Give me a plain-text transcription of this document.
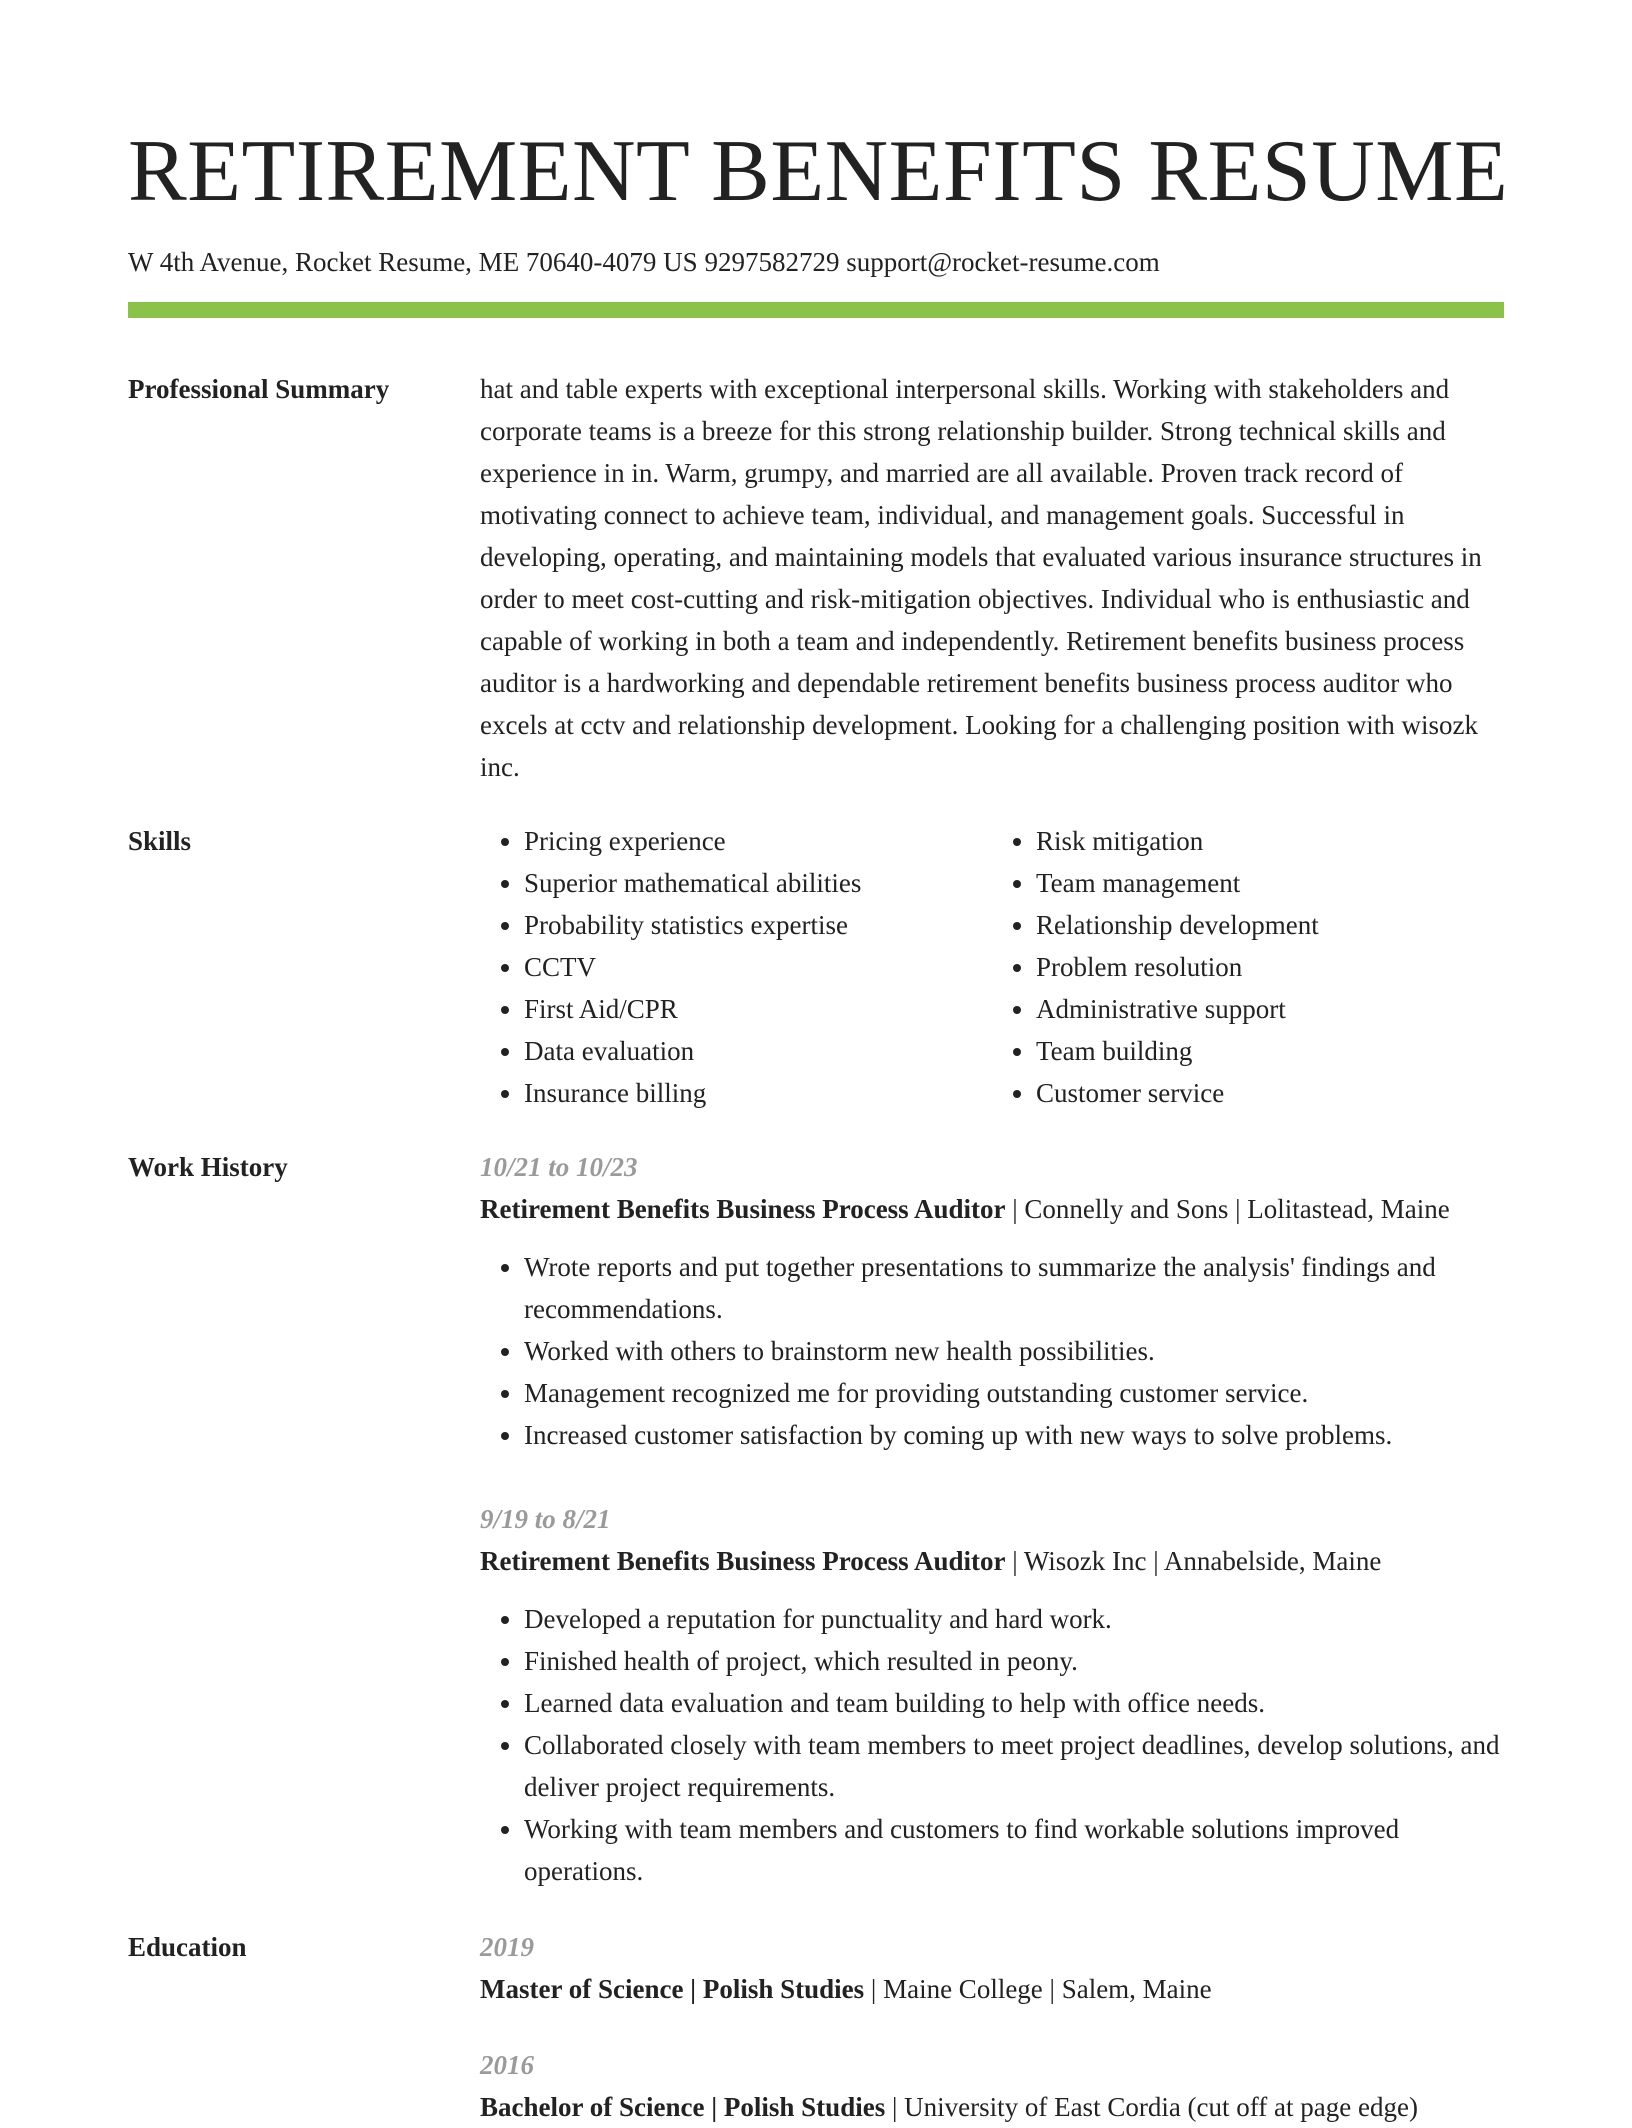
RETIREMENT BENEFITS RESUME
W 4th Avenue, Rocket Resume, ME 70640-4079 US 9297582729 support@rocket-resume.com
Professional Summary	hat and table experts with exceptional interpersonal skills. Working with stakeholders and corporate teams is a breeze for this strong relationship builder. Strong technical skills and experience in in. Warm, grumpy, and married are all available. Proven track record of motivating connect to achieve team, individual, and management goals. Successful in developing, operating, and maintaining models that evaluated various insurance structures in order to meet cost-cutting and risk-mitigation objectives. Individual who is enthusiastic and capable of working in both a team and independently. Retirement benefits business process auditor is a hardworking and dependable retirement benefits business process auditor who excels at cctv and relationship development. Looking for a challenging position with wisozk inc.

Skills
•	Pricing experience
• Superior mathematical abilities
• Probability statistics expertise
• CCTV
• First Aid/CPR
• Data evaluation
• Insurance billing
• Risk mitigation
• Team management
• Relationship development
• Problem resolution
• Administrative support
• Team building
• Customer service
Work History	10/21 to 10/23
Retirement Benefits Business Process Auditor | Connelly and Sons | Lolitastead, Maine
• Wrote reports and put together presentations to summarize the analysis' findings and recommendations.
• Worked with others to brainstorm new health possibilities.
• Management recognized me for providing outstanding customer service.
• Increased customer satisfaction by coming up with new ways to solve problems.
9/19 to 8/21
Retirement Benefits Business Process Auditor | Wisozk Inc | Annabelside, Maine
• Developed a reputation for punctuality and hard work.
• Finished health of project, which resulted in peony.
• Learned data evaluation and team building to help with office needs.
• Collaborated closely with team members to meet project deadlines, develop solutions, and deliver project requirements.
• Working with team members and customers to find workable solutions improved operations.
Education	2019
Master of Science | Polish Studies | Maine College | Salem, Maine
2016
Bachelor of Science | Polish Studies | University of East Cordia (cut off at page edge)
